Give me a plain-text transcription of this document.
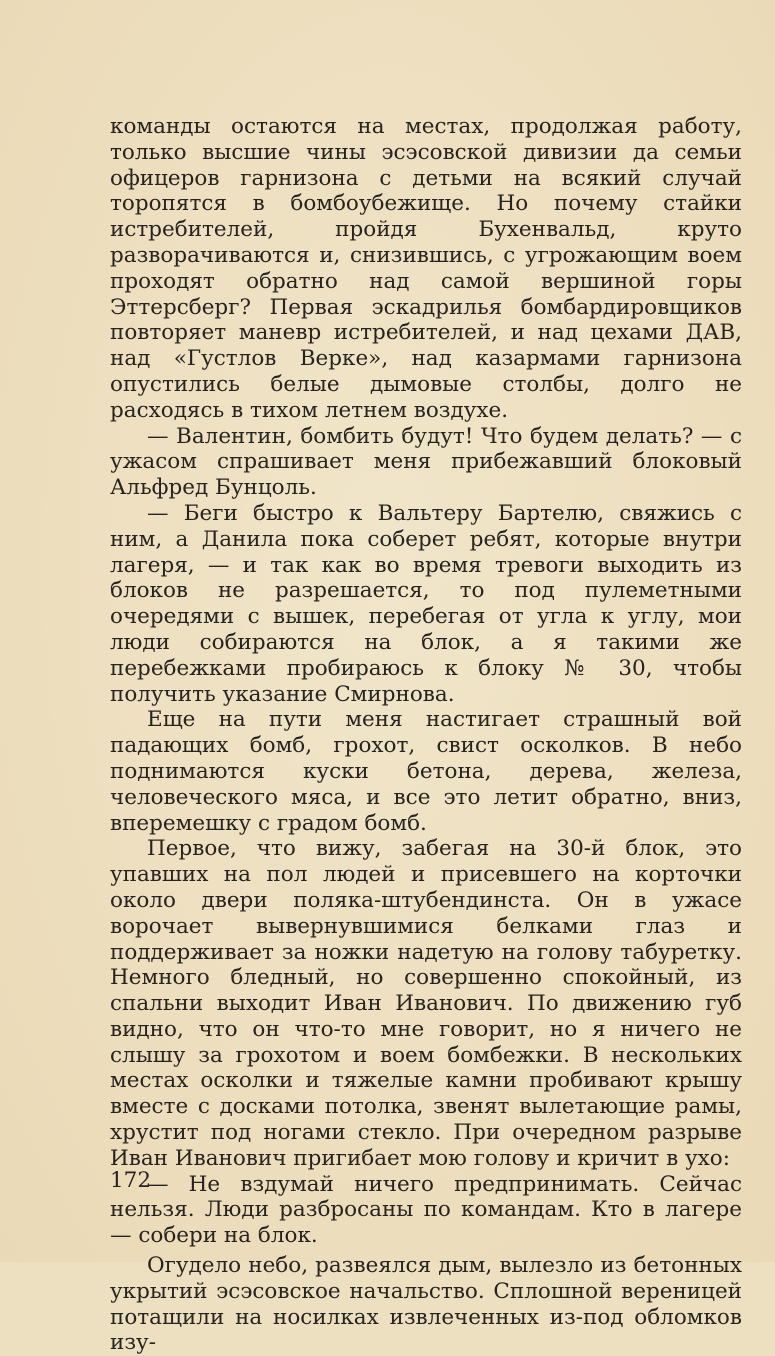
команды остаются на местах, продолжая работу, только высшие чины эсэсовской дивизии да семьи офицеров гарнизона с детьми на всякий случай торопятся в бомбоубежище. Но почему стайки истребителей, пройдя Бухенвальд, круто разворачиваются и, снизившись, с угрожающим воем проходят обратно над самой вершиной горы Эттерсберг? Первая эскадрилья бомбардировщиков повторяет маневр истребителей, и над цехами ДАВ, над «Густлов Верке», над казармами гарнизона опустились белые дымовые столбы, долго не расходясь в тихом летнем воздухе.

— Валентин, бомбить будут! Что будем делать? — с ужасом спрашивает меня прибежавший блоковый Альфред Бунцоль.

— Беги быстро к Вальтеру Бартелю, свяжись с ним, а Данила пока соберет ребят, которые внутри лагеря, — и так как во время тревоги выходить из блоков не разрешается, то под пулеметными очередями с вышек, перебегая от угла к углу, мои люди собираются на блок, а я такими же перебежками пробираюсь к блоку № 30, чтобы получить указание Смирнова.

Еще на пути меня настигает страшный вой падающих бомб, грохот, свист осколков. В небо поднимаются куски бетона, дерева, железа, человеческого мяса, и все это летит обратно, вниз, вперемешку с градом бомб.

Первое, что вижу, забегая на 30-й блок, это упавших на пол людей и присевшего на корточки около двери поляка-штубендинста. Он в ужасе ворочает вывернувшимися белками глаз и поддерживает за ножки надетую на голову табуретку. Немного бледный, но совершенно спокойный, из спальни выходит Иван Иванович. По движению губ видно, что он что-то мне говорит, но я ничего не слышу за грохотом и воем бомбежки. В нескольких местах осколки и тяжелые камни пробивают крышу вместе с досками потолка, звенят вылетающие рамы, хрустит под ногами стекло. При очередном разрыве Иван Иванович пригибает мою голову и кричит в ухо:

— Не вздумай ничего предпринимать. Сейчас нельзя. Люди разбросаны по командам. Кто в лагере — собери на блок.

Огудело небо, развеялся дым, вылезло из бетонных укрытий эсэсовское начальство. Сплошной вереницей потащили на носилках извлеченных из-под обломков изу-

172
